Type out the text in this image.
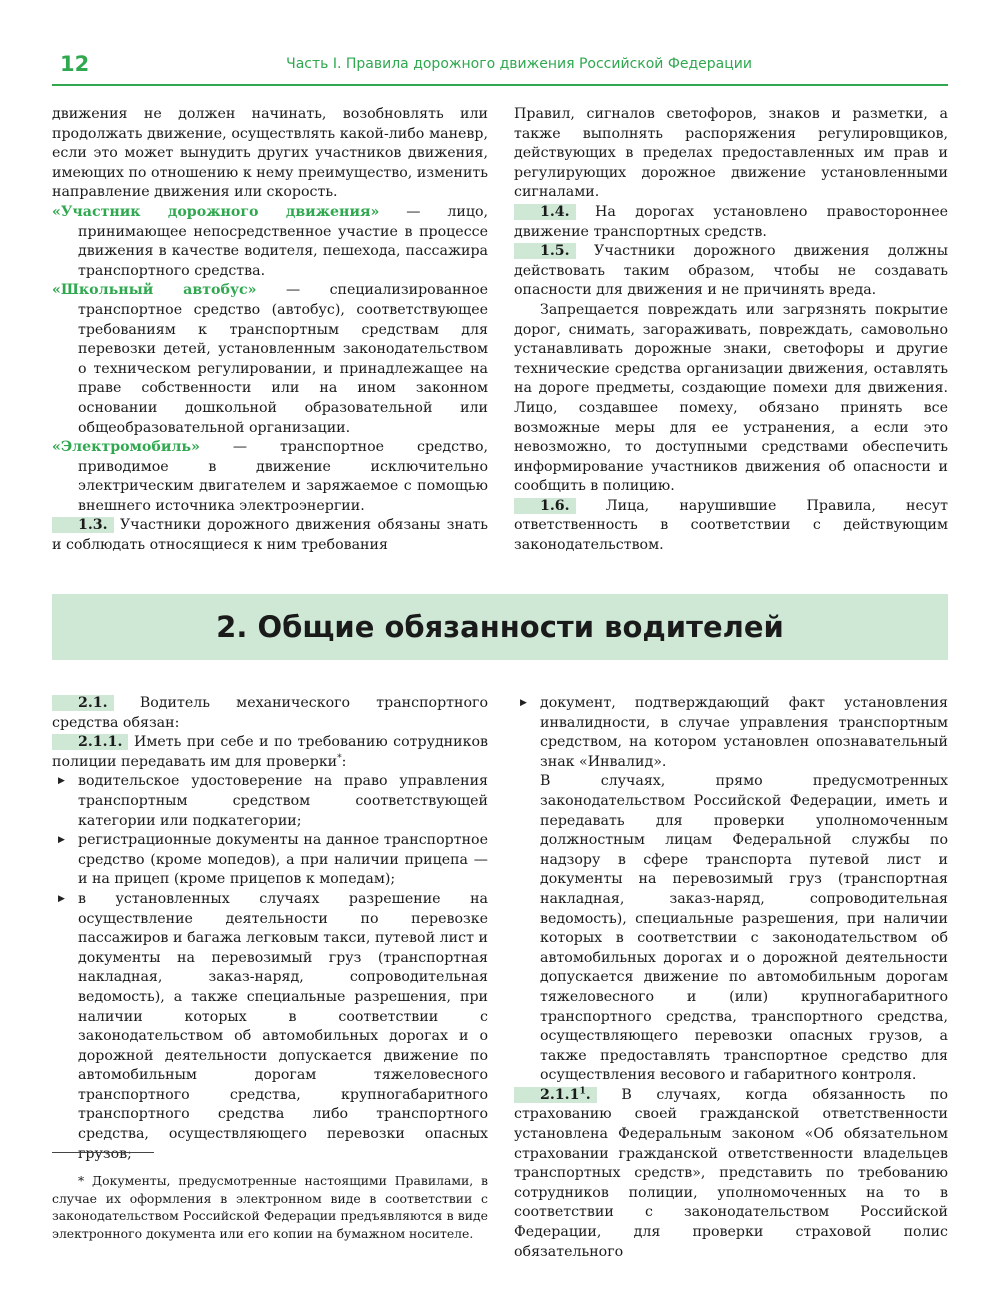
12	Часть I. Правила дорожного движения Российской Федерации

движения не должен начинать, возобновлять или продолжать движение, осуществлять какой-либо маневр, если это может вынудить других участников движения, имеющих по отношению к нему преимущество, изменить направление движения или скорость.

«Участник дорожного движения» — лицо, принимающее непосредственное участие в процессе движения в качестве водителя, пешехода, пассажира транспортного средства.

«Школьный автобус» — специализированное транспортное средство (автобус), соответствующее требованиям к транспортным средствам для перевозки детей, установленным законодательством о техническом регулировании, и принадлежащее на праве собственности или на ином законном основании дошкольной образовательной или общеобразовательной организации.

«Электромобиль» — транспортное средство, приводимое в движение исключительно электрическим двигателем и заряжаемое с помощью внешнего источника электроэнергии.

1.3. Участники дорожного движения обязаны знать и соблюдать относящиеся к ним требования

Правил, сигналов светофоров, знаков и разметки, а также выполнять распоряжения регулировщиков, действующих в пределах предоставленных им прав и регулирующих дорожное движение установленными сигналами.

1.4. На дорогах установлено правостороннее движение транспортных средств.

1.5. Участники дорожного движения должны действовать таким образом, чтобы не создавать опасности для движения и не причинять вреда.

Запрещается повреждать или загрязнять покрытие дорог, снимать, загораживать, повреждать, самовольно устанавливать дорожные знаки, светофоры и другие технические средства организации движения, оставлять на дороге предметы, создающие помехи для движения. Лицо, создавшее помеху, обязано принять все возможные меры для ее устранения, а если это невозможно, то доступными средствами обеспечить информирование участников движения об опасности и сообщить в полицию.

1.6. Лица, нарушившие Правила, несут ответственность в соответствии с действующим законодательством.

2. Общие обязанности водителей

2.1. Водитель механического транспортного средства обязан:

2.1.1. Иметь при себе и по требованию сотрудников полиции передавать им для проверки*:

▶ водительское удостоверение на право управления транспортным средством соответствующей категории или подкатегории;
▶ регистрационные документы на данное транспортное средство (кроме мопедов), а при наличии прицепа — и на прицеп (кроме прицепов к мопедам);
▶ в установленных случаях разрешение на осуществление деятельности по перевозке пассажиров и багажа легковым такси, путевой лист и документы на перевозимый груз (транспортная накладная, заказ-наряд, сопроводительная ведомость), а также специальные разрешения, при наличии которых в соответствии с законодательством об автомобильных дорогах и о дорожной деятельности допускается движение по автомобильным дорогам тяжеловесного транспортного средства, крупногабаритного транспортного средства либо транспортного средства, осуществляющего перевозки опасных грузов;
▶ документ, подтверждающий факт установления инвалидности, в случае управления транспортным средством, на котором установлен опознавательный знак «Инвалид».

В случаях, прямо предусмотренных законодательством Российской Федерации, иметь и передавать для проверки уполномоченным должностным лицам Федеральной службы по надзору в сфере транспорта путевой лист и документы на перевозимый груз (транспортная накладная, заказ-наряд, сопроводительная ведомость), специальные разрешения, при наличии которых в соответствии с законодательством об автомобильных дорогах и о дорожной деятельности допускается движение по автомобильным дорогам тяжеловесного и (или) крупногабаритного транспортного средства, транспортного средства, осуществляющего перевозки опасных грузов, а также предоставлять транспортное средство для осуществления весового и габаритного контроля.

2.1.1$^1$. В случаях, когда обязанность по страхованию своей гражданской ответственности установлена Федеральным законом «Об обязательном страховании гражданской ответственности владельцев транспортных средств», представить по требованию сотрудников полиции, уполномоченных на то в соответствии с законодательством Российской Федерации, для проверки страховой полис обязательного

* Документы, предусмотренные настоящими Правилами, в случае их оформления в электронном виде в соответствии с законодательством Российской Федерации предъявляются в виде электронного документа или его копии на бумажном носителе.
